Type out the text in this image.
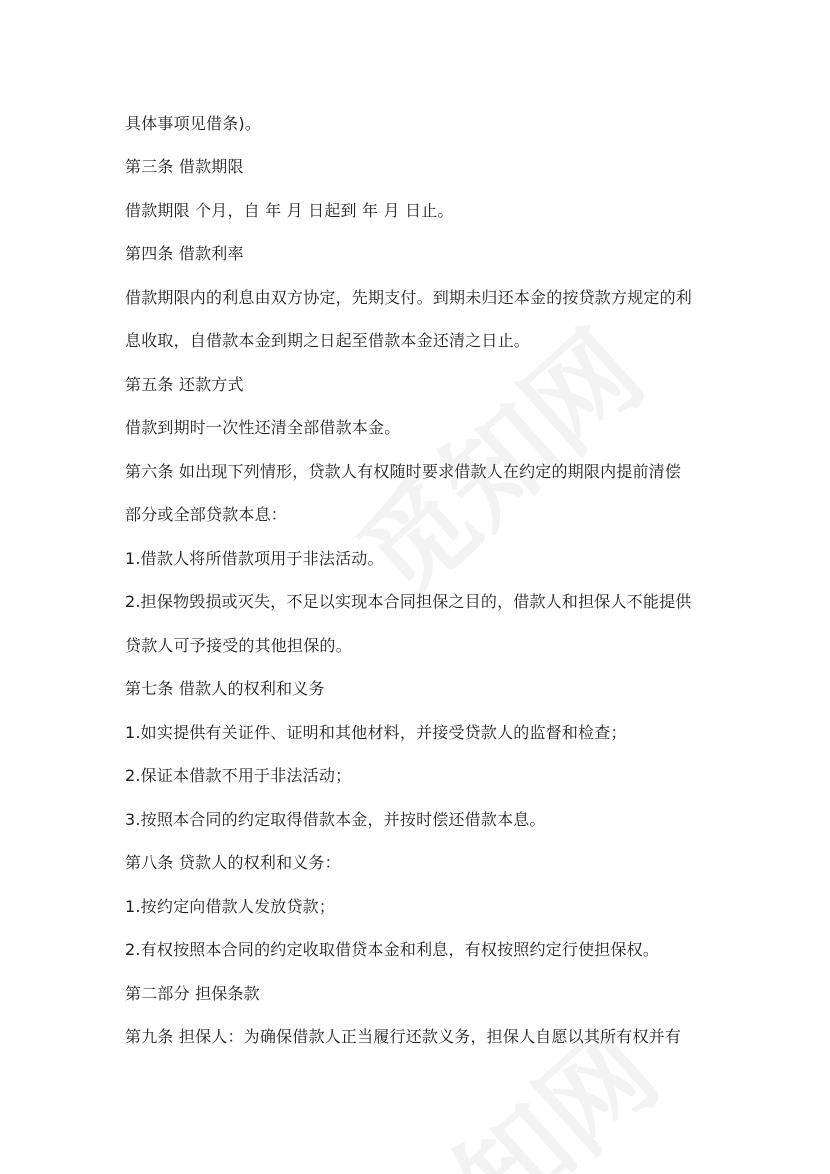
具体事项见借条)。
第三条 借款期限
借款期限 个月，自 年 月 日起到 年 月 日止。
第四条 借款利率
借款期限内的利息由双方协定，先期支付。到期未归还本金的按贷款方规定的利
息收取，自借款本金到期之日起至借款本金还清之日止。
第五条 还款方式
借款到期时一次性还清全部借款本金。
第六条 如出现下列情形，贷款人有权随时要求借款人在约定的期限内提前清偿
部分或全部贷款本息：
1.借款人将所借款项用于非法活动。
2.担保物毁损或灭失，不足以实现本合同担保之目的，借款人和担保人不能提供
贷款人可予接受的其他担保的。
第七条 借款人的权利和义务
1.如实提供有关证件、证明和其他材料，并接受贷款人的监督和检查；
2.保证本借款不用于非法活动；
3.按照本合同的约定取得借款本金，并按时偿还借款本息。
第八条 贷款人的权利和义务：
1.按约定向借款人发放贷款；
2.有权按照本合同的约定收取借贷本金和利息，有权按照约定行使担保权。
第二部分 担保条款
第九条 担保人：为确保借款人正当履行还款义务，担保人自愿以其所有权并有
